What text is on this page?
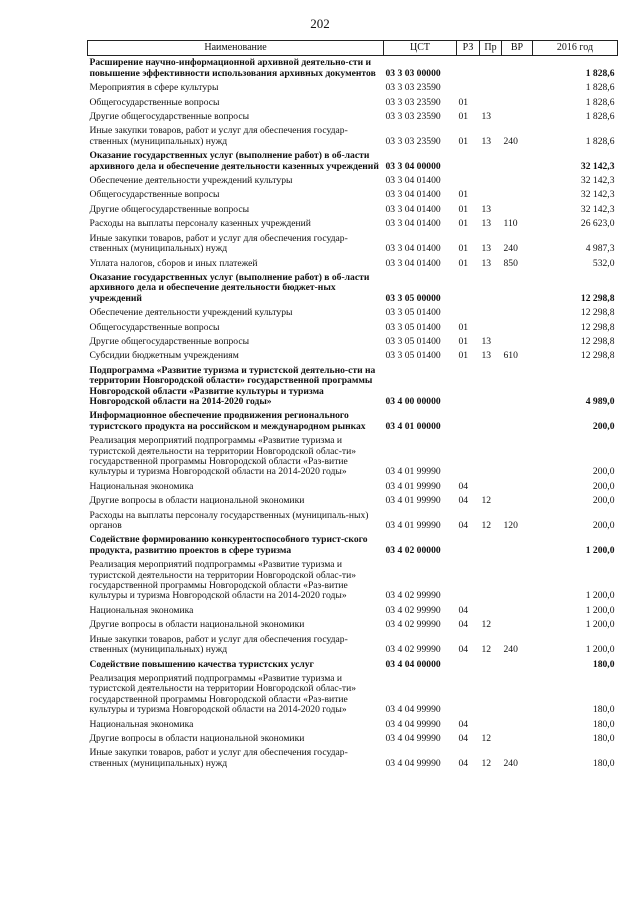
202
Наименование	ЦСТ	РЗ	Пр	ВР	2016 год
Расширение научно-информационной архивной деятельно-сти и повышение эффективности использования архивных документов	03 3 03 00000				1 828,6
Мероприятия в сфере культуры	03 3 03 23590				1 828,6
Общегосударственные вопросы	03 3 03 23590	01			1 828,6
Другие общегосударственные вопросы	03 3 03 23590	01	13		1 828,6
Иные закупки товаров, работ и услуг для обеспечения государ-ственных (муниципальных) нужд	03 3 03 23590	01	13	240	1 828,6
Оказание государственных услуг (выполнение работ) в об-ласти архивного дела и обеспечение деятельности казенных учреждений	03 3 04 00000				32 142,3
Обеспечение деятельности учреждений культуры	03 3 04 01400				32 142,3
Общегосударственные вопросы	03 3 04 01400	01			32 142,3
Другие общегосударственные вопросы	03 3 04 01400	01	13		32 142,3
Расходы на выплаты персоналу казенных учреждений	03 3 04 01400	01	13	110	26 623,0
Иные закупки товаров, работ и услуг для обеспечения государ-ственных (муниципальных) нужд	03 3 04 01400	01	13	240	4 987,3
Уплата налогов, сборов и иных платежей	03 3 04 01400	01	13	850	532,0
Оказание государственных услуг (выполнение работ) в об-ласти архивного дела и обеспечение деятельности бюджет-ных учреждений	03 3 05 00000				12 298,8
Обеспечение деятельности учреждений культуры	03 3 05 01400				12 298,8
Общегосударственные вопросы	03 3 05 01400	01			12 298,8
Другие общегосударственные вопросы	03 3 05 01400	01	13		12 298,8
Субсидии бюджетным учреждениям	03 3 05 01400	01	13	610	12 298,8
Подпрограмма «Развитие туризма и туристской деятельно-сти на территории Новгородской области» государственной программы Новгородской области «Развитие культуры и туризма Новгородской области на 2014-2020 годы»	03 4 00 00000				4 989,0
Информационное обеспечение продвижения регионального туристского продукта на российском и международном рынках	03 4 01 00000				200,0
Реализация мероприятий подпрограммы «Развитие туризма и туристской деятельности на территории Новгородской облас-ти» государственной программы Новгородской области «Раз-витие культуры и туризма Новгородской области на 2014-2020 годы»	03 4 01 99990				200,0
Национальная экономика	03 4 01 99990	04			200,0
Другие вопросы в области национальной экономики	03 4 01 99990	04	12		200,0
Расходы на выплаты персоналу государственных (муниципаль-ных) органов	03 4 01 99990	04	12	120	200,0
Содействие формированию конкурентоспособного турист-ского продукта, развитию проектов в сфере туризма	03 4 02 00000				1 200,0
Реализация мероприятий подпрограммы «Развитие туризма и туристской деятельности на территории Новгородской облас-ти» государственной программы Новгородской области «Раз-витие культуры и туризма Новгородской области на 2014-2020 годы»	03 4 02 99990				1 200,0
Национальная экономика	03 4 02 99990	04			1 200,0
Другие вопросы в области национальной экономики	03 4 02 99990	04	12		1 200,0
Иные закупки товаров, работ и услуг для обеспечения государ-ственных (муниципальных) нужд	03 4 02 99990	04	12	240	1 200,0
Содействие повышению качества туристских услуг	03 4 04 00000				180,0
Реализация мероприятий подпрограммы «Развитие туризма и туристской деятельности на территории Новгородской облас-ти» государственной программы Новгородской области «Раз-витие культуры и туризма Новгородской области на 2014-2020 годы»	03 4 04 99990				180,0
Национальная экономика	03 4 04 99990	04			180,0
Другие вопросы в области национальной экономики	03 4 04 99990	04	12		180,0
Иные закупки товаров, работ и услуг для обеспечения государ-ственных (муниципальных) нужд	03 4 04 99990	04	12	240	180,0
